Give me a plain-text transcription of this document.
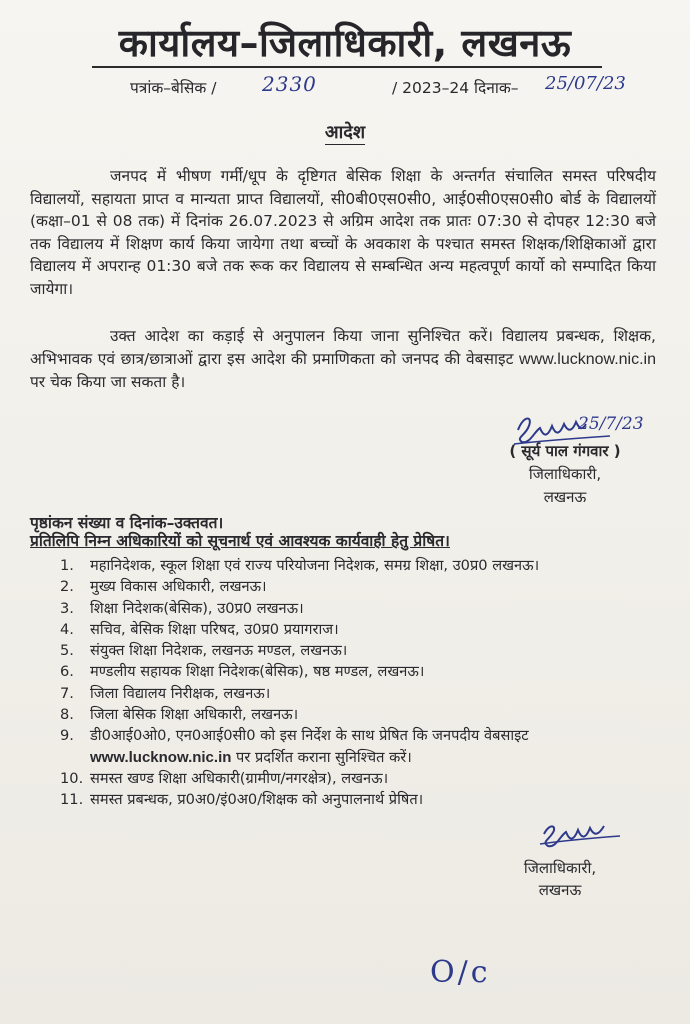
कार्यालय–जिलाधिकारी, लखनऊ
पत्रांक–बेसिक / 2330	/ 2023–24 दिनाक– 25/07/23
आदेश
जनपद में भीषण गर्मी/धूप के दृष्टिगत बेसिक शिक्षा के अन्तर्गत संचालित समस्त परिषदीय विद्यालयों, सहायता प्राप्त व मान्यता प्राप्त विद्यालयों, सी0बी0एस0सी0, आई0सी0एस0सी0 बोर्ड के विद्यालयों (कक्षा–01 से 08 तक) में दिनांक 26.07.2023 से अग्रिम आदेश तक प्रातः 07:30 से दोपहर 12:30 बजे तक विद्यालय में शिक्षण कार्य किया जायेगा तथा बच्चों के अवकाश के पश्चात समस्त शिक्षक/शिक्षिकाओं द्वारा विद्यालय में अपरान्ह 01:30 बजे तक रूक कर विद्यालय से सम्बन्धित अन्य महत्वपूर्ण कार्यो को सम्पादित किया जायेगा।
उक्त आदेश का कड़ाई से अनुपालन किया जाना सुनिश्चित करें। विद्यालय प्रबन्धक, शिक्षक, अभिभावक एवं छात्र/छात्राओं द्वारा इस आदेश की प्रमाणिकता को जनपद की वेबसाइट www.lucknow.nic.in पर चेक किया जा सकता है।
25/7/23
( सूर्य पाल गंगवार )
जिलाधिकारी,
लखनऊ
पृष्ठांकन संख्या व दिनांक–उक्तवत।
प्रतिलिपि निम्न अधिकारियों को सूचनार्थ एवं आवश्यक कार्यवाही हेतु प्रेषित।
1.	महानिदेशक, स्कूल शिक्षा एवं राज्य परियोजना निदेशक, समग्र शिक्षा, उ0प्र0 लखनऊ।
2.	मुख्य विकास अधिकारी, लखनऊ।
3.	शिक्षा निदेशक(बेसिक), उ0प्र0 लखनऊ।
4.	सचिव, बेसिक शिक्षा परिषद, उ0प्र0 प्रयागराज।
5.	संयुक्त शिक्षा निदेशक, लखनऊ मण्डल, लखनऊ।
6.	मण्डलीय सहायक शिक्षा निदेशक(बेसिक), षष्ठ मण्डल, लखनऊ।
7.	जिला विद्यालय निरीक्षक, लखनऊ।
8.	जिला बेसिक शिक्षा अधिकारी, लखनऊ।
9.	डी0आई0ओ0, एन0आई0सी0 को इस निर्देश के साथ प्रेषित कि जनपदीय वेबसाइट
www.lucknow.nic.in पर प्रदर्शित कराना सुनिश्चित करें।
10. समस्त खण्ड शिक्षा अधिकारी(ग्रामीण/नगरक्षेत्र), लखनऊ।
11. समस्त प्रबन्धक, प्र0अ0/इं0अ0/शिक्षक को अनुपालनार्थ प्रेषित।
जिलाधिकारी,
लखनऊ
O/c
